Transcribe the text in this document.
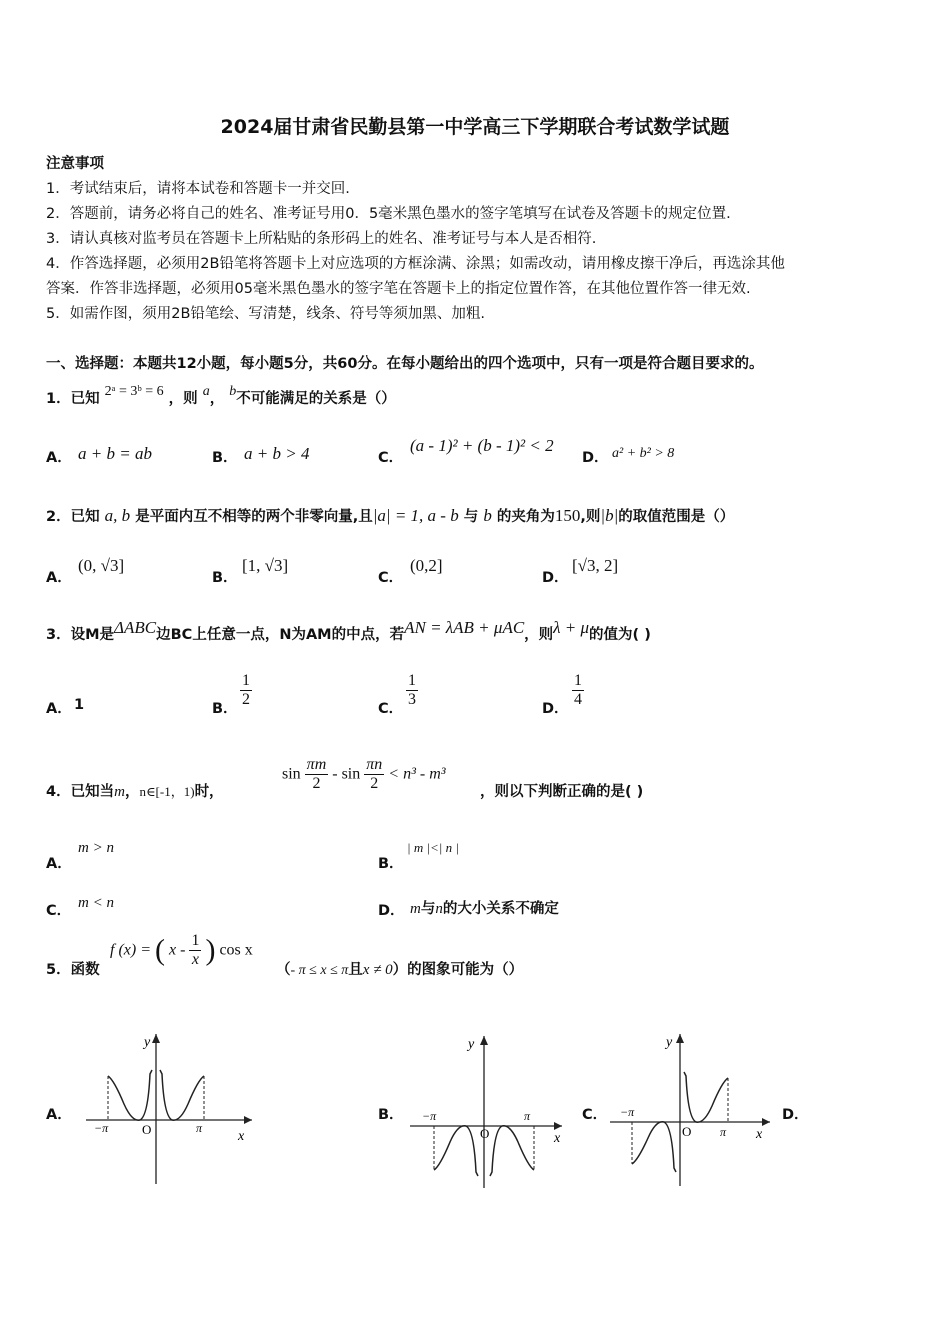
2024届甘肃省民勤县第一中学高三下学期联合考试数学试题
注意事项
1．考试结束后，请将本试卷和答题卡一并交回.
2．答题前，请务必将自己的姓名、准考证号用0．5毫米黑色墨水的签字笔填写在试卷及答题卡的规定位置.
3．请认真核对监考员在答题卡上所粘贴的条形码上的姓名、准考证号与本人是否相符.
4．作答选择题，必须用2B铅笔将答题卡上对应选项的方框涂满、涂黑；如需改动，请用橡皮擦干净后，再选涂其他
答案．作答非选择题，必须用05毫米黑色墨水的签字笔在答题卡上的指定位置作答，在其他位置作答一律无效.
5．如需作图，须用2B铅笔绘、写清楚，线条、符号等须加黑、加粗.
一、选择题：本题共12小题，每小题5分，共60分。在每小题给出的四个选项中，只有一项是符合题目要求的。
1．已知 2ᵃ = 3ᵇ = 6 ，则 a， b不可能满足的关系是（）
A． a + b = ab	B． a + b > 4	C．
(a - 1)² + (b - 1)² < 2
D． a² + b² > 8
2．已知 a, b 是平面内互不相等的两个非零向量,且|a| = 1, a - b 与 b 的夹角为150,则|b|的取值范围是（）
A．
(0, √3]
B．
[1, √3]
C．
(0,2]
D．
[√3, 2]
3．设M是ΔABC边BC上任意一点，N为AM的中点，若AN = λAB + μAC，则λ + μ的值为( )
A． 1	B． $\frac{1}{2}$	C． $\frac{1}{3}$	D． $\frac{1}{4}$
4．已知当m，n∈[-1，1)时，
$\sin \frac{\pi m}{2} - \sin \frac{\pi n}{2} < n^3 - m^3$
，则以下判断正确的是( )
A．
m > n
B．
| m |<| n |
C． m < n	D． m与n的大小关系不确定
5．函数
f (x) = ( x - $\frac{1}{x}$ ) cos x
（- π ≤ x ≤ π且x ≠ 0）的图象可能为（）
A．	B．	C．	D．
y
x
O
−π	π
y
x
O
−π	π
y
x
O
−π
π
